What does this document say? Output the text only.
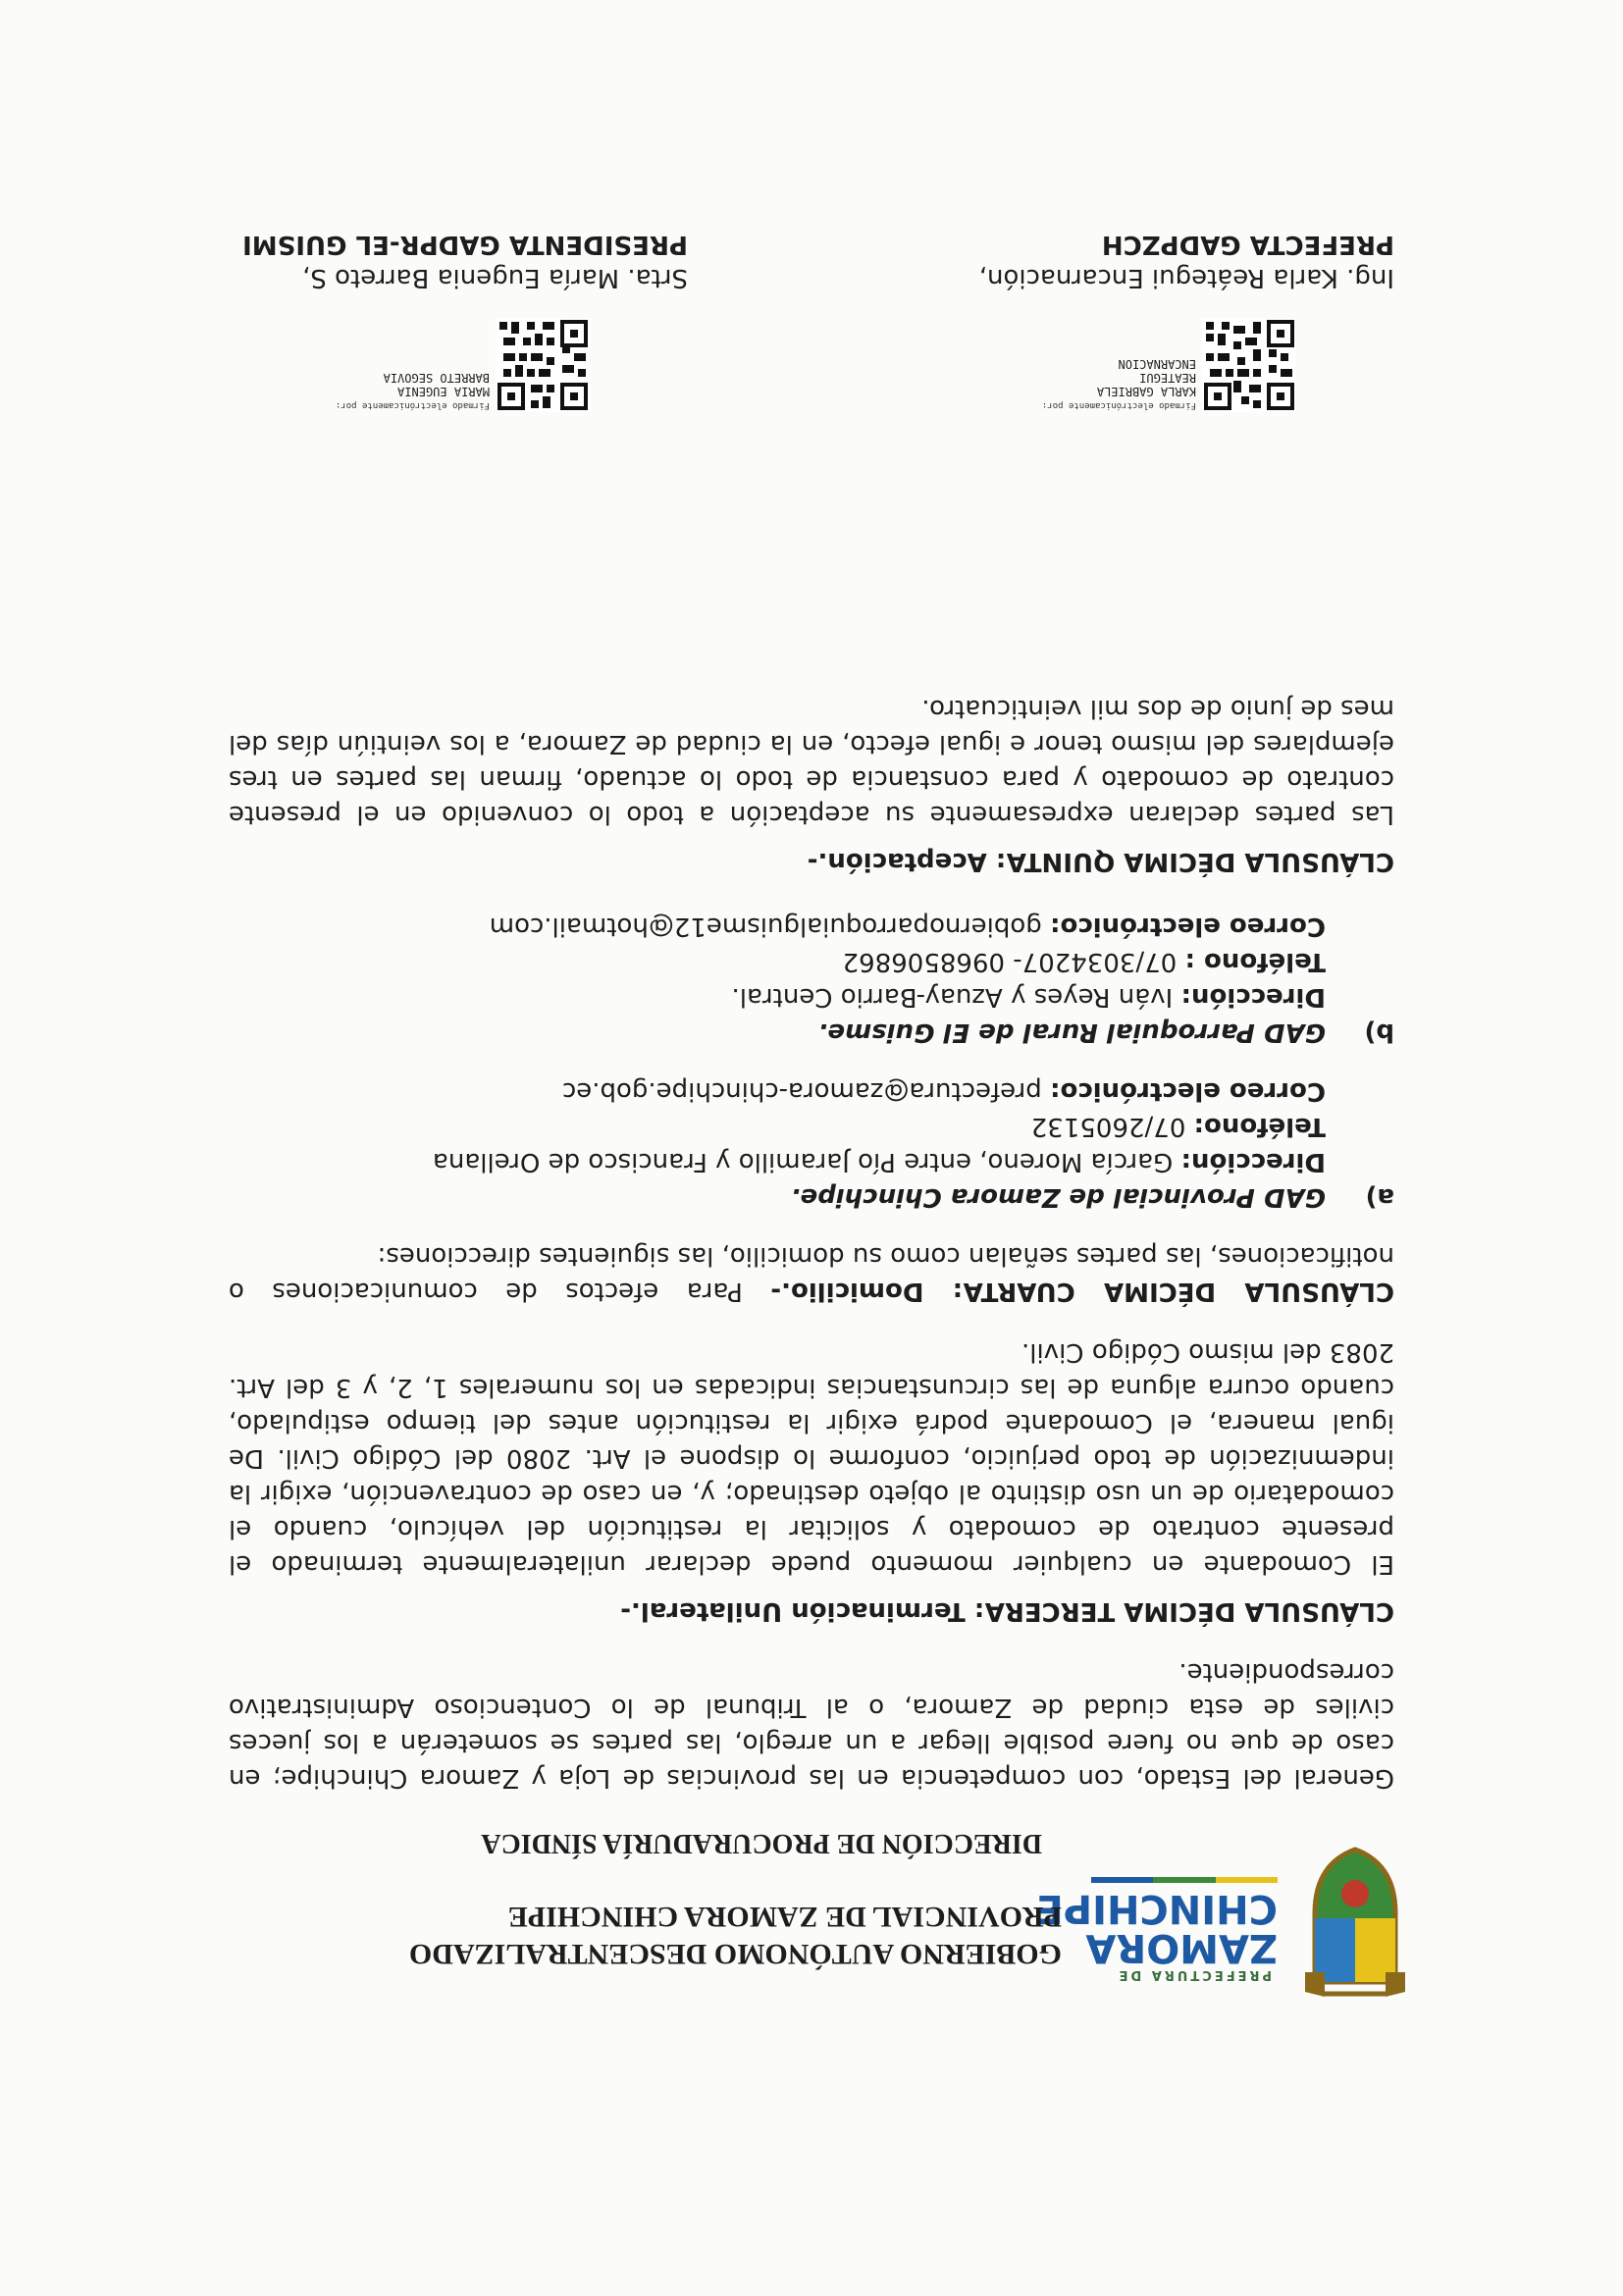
PREFECTURA DE
ZAMORA
CHINCHIPE
GOBIERNO AUTÓNOMO DESCENTRALIZADO
PROVINCIAL DE ZAMORA CHINCHIPE
DIRECCIÓN DE PROCURADURÍA SÍNDICA

General del Estado, con competencia en las provincias de Loja y Zamora Chinchipe; en caso de que no fuere posible llegar a un arreglo, las partes se someterán a los jueces civiles de esta ciudad de Zamora, o al Tribunal de lo Contencioso Administrativo correspondiente.

CLÁUSULA DÉCIMA TERCERA: Terminación Unilateral.-

El Comodante en cualquier momento puede declarar unilateralmente terminado el presente contrato de comodato y solicitar la restitución del vehículo, cuando el comodatario de un uso distinto al objeto destinado; y, en caso de contravención, exigir la indemnización de todo perjuicio, conforme lo dispone el Art. 2080 del Código Civil. De igual manera, el Comodante podrá exigir la restitución antes del tiempo estipulado, cuando ocurra alguna de las circunstancias indicadas en los numerales 1, 2, y 3 del Art. 2083 del mismo Código Civil.

CLÁUSULA DÉCIMA CUARTA: Domicilio.- Para efectos de comunicaciones o notificaciones, las partes señalan como su domicilio, las siguientes direcciones:

a)

GAD Provincial de Zamora Chinchipe.

Dirección: García Moreno, entre Pío Jaramillo y Francisco de Orellana

Teléfono: 07/2605132

Correo electrónico: prefectura@zamora-chinchipe.gob.ec

b)

GAD Parroquial Rural de El Guisme.

Dirección: Iván Reyes y Azuay-Barrio Central.

Teléfono : 07/3034207- 0968506862

Correo electrónico: gobiernoparroquialguisme12@hotmail.com

CLÁUSULA DÉCIMA QUINTA: Aceptación.-

Las partes declaran expresamente su aceptación a todo lo convenido en el presente contrato de comodato y para constancia de todo lo actuado, firman las partes en tres ejemplares del mismo tenor e igual efecto, en la ciudad de Zamora, a los veintiún días del mes de junio de dos mil veinticuatro.

Firmado electrónicamente por:
KARLA GABRIELA
REATEGUI
ENCARNACION
Ing. Karla Reátegui Encarnación,
PREFECTA GADPZCH
Firmado electrónicamente por:
MARIA EUGENIA
BARRETO SEGOVIA
Srta. María Eugenia Barreto S,
PRESIDENTA GADPR-EL GUISMI
